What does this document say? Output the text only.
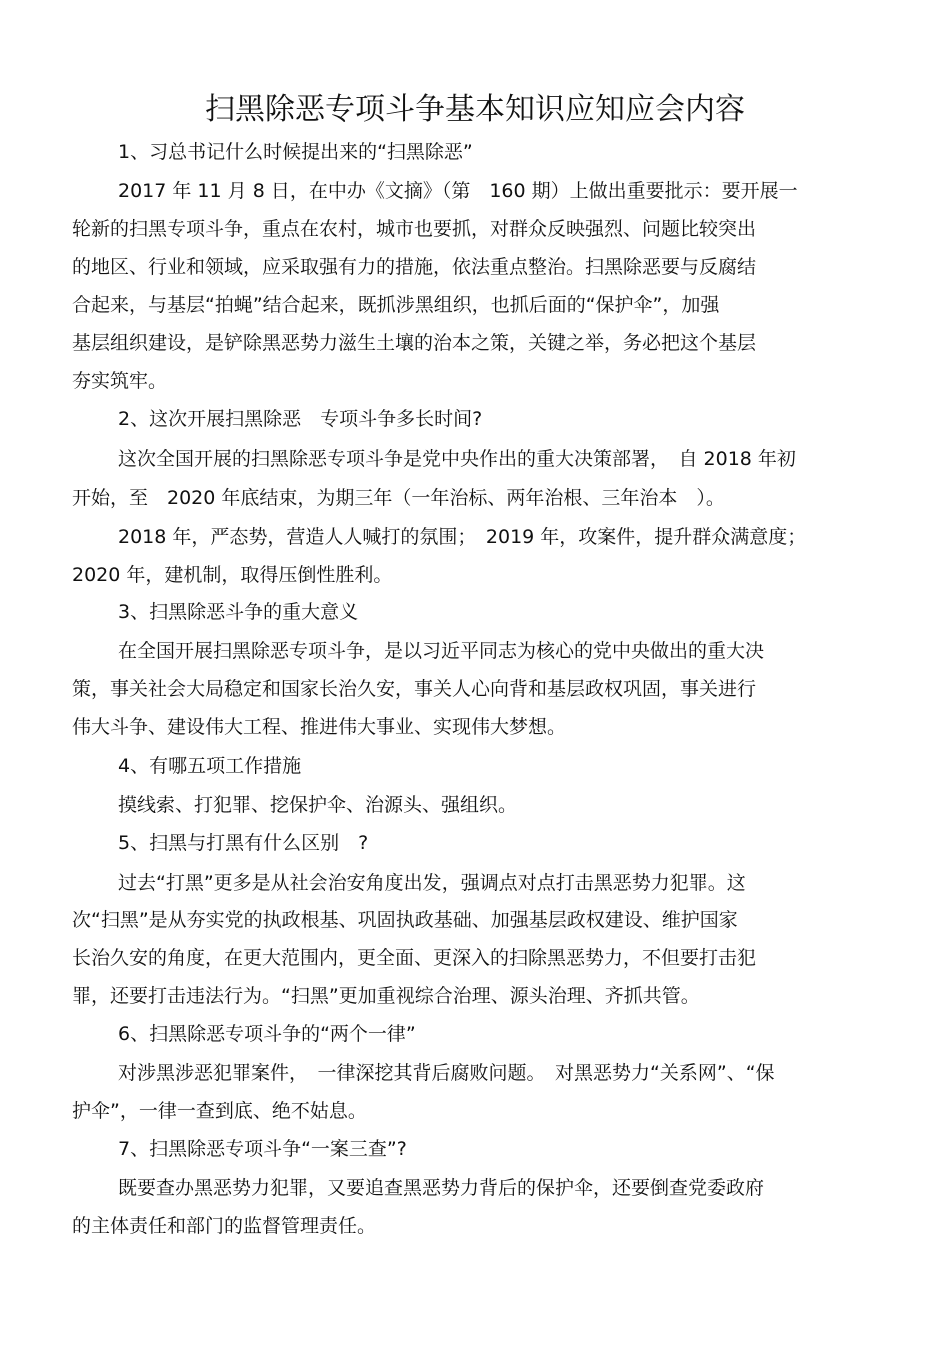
扫黑除恶专项斗争基本知识应知应会内容

1、习总书记什么时候提出来的“扫黑除恶”

2017 年 11 月 8 日，在中办《文摘》（第　160 期）上做出重要批示：要开展一

轮新的扫黑专项斗争，重点在农村，城市也要抓，对群众反映强烈、问题比较突出

的地区、行业和领域，应采取强有力的措施，依法重点整治。扫黑除恶要与反腐结

合起来，与基层“拍蝇”结合起来，既抓涉黑组织，也抓后面的“保护伞”，加强

基层组织建设，是铲除黑恶势力滋生土壤的治本之策，关键之举，务必把这个基层

夯实筑牢。

2、这次开展扫黑除恶　专项斗争多长时间?

这次全国开展的扫黑除恶专项斗争是党中央作出的重大决策部署，　自 2018 年初

开始，至　2020 年底结束，为期三年（一年治标、两年治根、三年治本　）。

2018 年，严态势，营造人人喊打的氛围；　2019 年，攻案件，提升群众满意度；

2020 年，建机制，取得压倒性胜利。

3、扫黑除恶斗争的重大意义

在全国开展扫黑除恶专项斗争，是以习近平同志为核心的党中央做出的重大决

策，事关社会大局稳定和国家长治久安，事关人心向背和基层政权巩固，事关进行

伟大斗争、建设伟大工程、推进伟大事业、实现伟大梦想。

4、有哪五项工作措施

摸线索、打犯罪、挖保护伞、治源头、强组织。

5、扫黑与打黑有什么区别　?

过去“打黑”更多是从社会治安角度出发，强调点对点打击黑恶势力犯罪。这

次“扫黑”是从夯实党的执政根基、巩固执政基础、加强基层政权建设、维护国家

长治久安的角度，在更大范围内，更全面、更深入的扫除黑恶势力，不但要打击犯

罪，还要打击违法行为。“扫黑”更加重视综合治理、源头治理、齐抓共管。

6、扫黑除恶专项斗争的“两个一律”

对涉黑涉恶犯罪案件，　一律深挖其背后腐败问题。　对黑恶势力“关系网”、“保

护伞”，一律一查到底、绝不姑息。

7、扫黑除恶专项斗争“一案三查”?

既要查办黑恶势力犯罪，又要追查黑恶势力背后的保护伞，还要倒查党委政府

的主体责任和部门的监督管理责任。
